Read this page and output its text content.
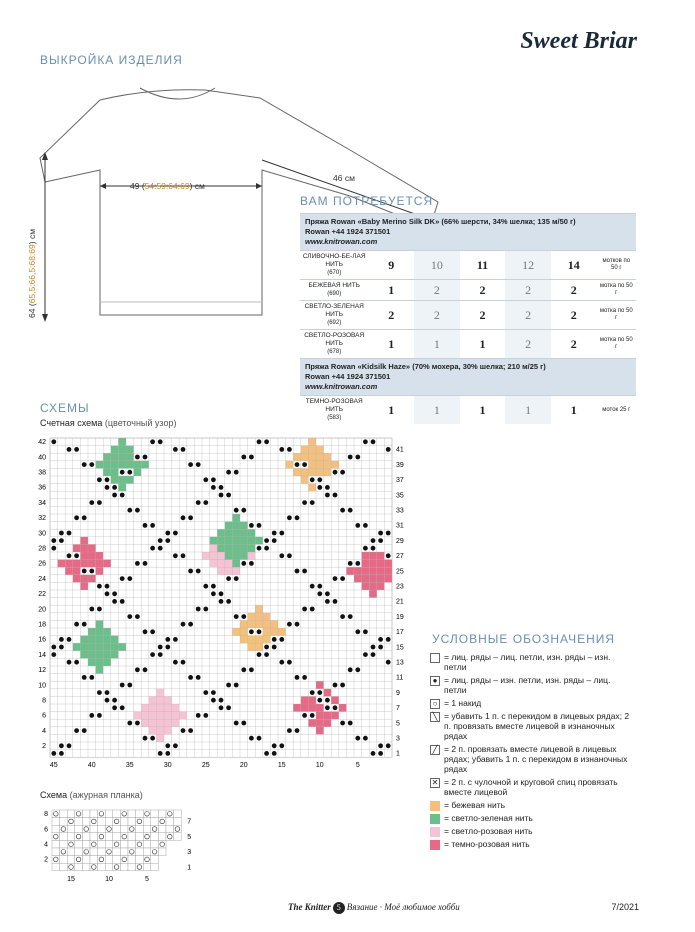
Sweet Briar
ВЫКРОЙКА ИЗДЕЛИЯ
49 (54:59:64:69) см
46 см
64 (65,5:66,5:68:69) см
ВАМ ПОТРЕБУЕТСЯ
Пряжа Rowan «Baby Merino Silk DK» (66% шерсти, 34% шелка; 135 м/50 г)
Rowan +44 1924 371501
www.knitrowan.com						

СЛИВОЧНО-БЕ-ЛАЯ НИТЬ
(670)	9	10	11	12	14	мотков по 50 г
БЕЖЕВАЯ НИТЬ
(690)	1	2	2	2	2	мотка по 50 г
СВЕТЛО-ЗЕЛЕНАЯ НИТЬ
(692)	2	2	2	2	2	мотка по 50 г
СВЕТЛО-РОЗОВАЯ НИТЬ
(678)	1	1	1	2	2	мотка по 50 г

Пряжа Rowan «Kidsilk Haze» (70% мохера, 30% шелка; 210 м/25 г)
Rowan +44 1924 371501
www.knitrowan.com						

ТЕМНО-РОЗОВАЯ НИТЬ
(583)	1	1	1	1	1	моток 25 г
СХЕМЫ
Счетная схема (цветочный узор)
42
40
38
36
34
32
30
28
26
24
22
20
18
16
14
12
10
8
6
4
2
41
39
37
35
33
31
29
27
25
23
21
19
17
15
13
11
9
7
5
3
1
45	40	35	30	25	20	15	10	5
Схема (ажурная планка)
8
6
4
2
7
5
3
1
15	10	5
УСЛОВНЫЕ ОБОЗНАЧЕНИЯ
= лиц. ряды – лиц. петли, изн. ряды – изн. петли
● = лиц. ряды – изн. петли, изн. ряды – лиц. петли
○ = 1 накид
╲ = убавить 1 п. с перекидом в лицевых рядах; 2 п. провязать вместе лицевой в изнаночных рядах
╱ = 2 п. провязать вместе лицевой в лицевых рядах; убавить 1 п. с перекидом в изнаночных рядах
✕ = 2 п. с чулочной и круговой спиц провязать вместе лицевой
= бежевая нить
= светло-зеленая нить
= светло-розовая нить
= темно-розовая нить
The Knitter 5 Вязание · Моё любимое хобби	7/2021
